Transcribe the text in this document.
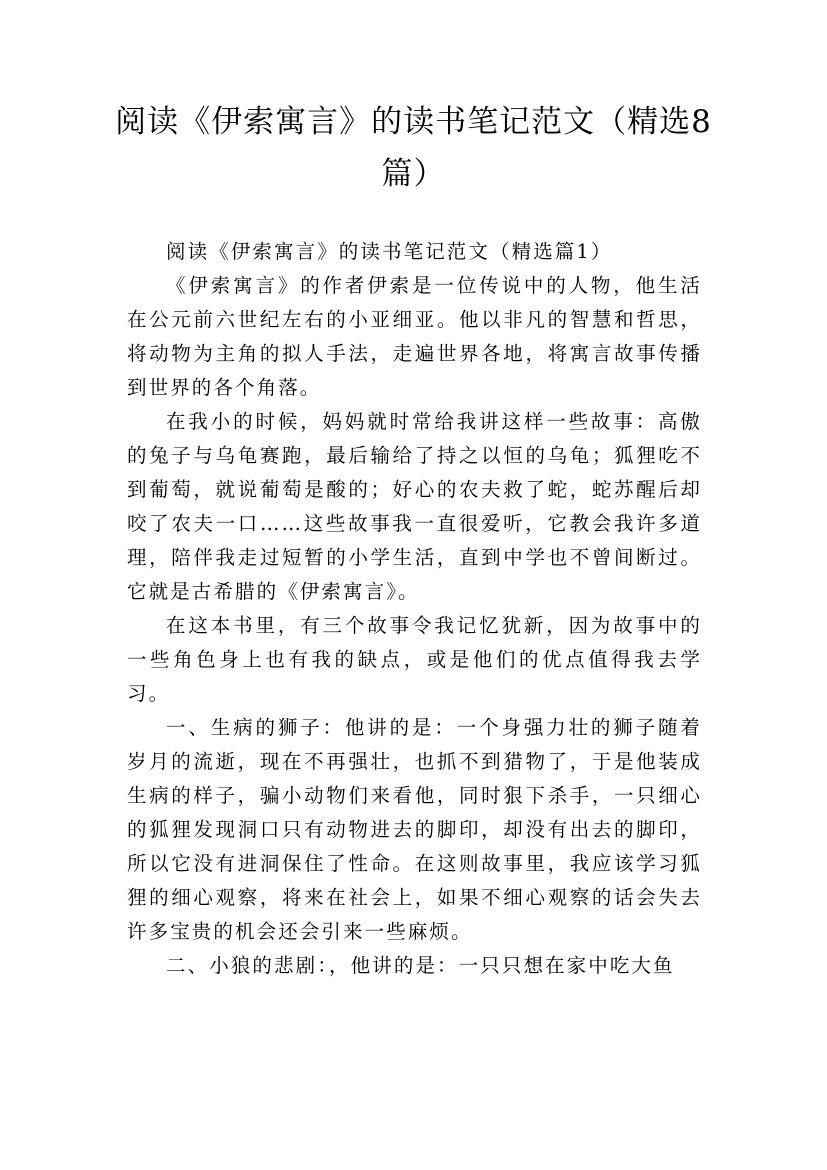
阅读《伊索寓言》的读书笔记范文（精选8篇）

阅读《伊索寓言》的读书笔记范文（精选篇1）

《伊索寓言》的作者伊索是一位传说中的人物，他生活在公元前六世纪左右的小亚细亚。他以非凡的智慧和哲思，将动物为主角的拟人手法，走遍世界各地，将寓言故事传播到世界的各个角落。

在我小的时候，妈妈就时常给我讲这样一些故事：高傲的兔子与乌龟赛跑，最后输给了持之以恒的乌龟；狐狸吃不到葡萄，就说葡萄是酸的；好心的农夫救了蛇，蛇苏醒后却咬了农夫一口……这些故事我一直很爱听，它教会我许多道理，陪伴我走过短暂的小学生活，直到中学也不曾间断过。它就是古希腊的《伊索寓言》。

在这本书里，有三个故事令我记忆犹新，因为故事中的一些角色身上也有我的缺点，或是他们的优点值得我去学习。

一、生病的狮子：他讲的是：一个身强力壮的狮子随着岁月的流逝，现在不再强壮，也抓不到猎物了，于是他装成生病的样子，骗小动物们来看他，同时狠下杀手，一只细心的狐狸发现洞口只有动物进去的脚印，却没有出去的脚印，所以它没有进洞保住了性命。在这则故事里，我应该学习狐狸的细心观察，将来在社会上，如果不细心观察的话会失去许多宝贵的机会还会引来一些麻烦。

二、小狼的悲剧：，他讲的是：一只只想在家中吃大鱼
